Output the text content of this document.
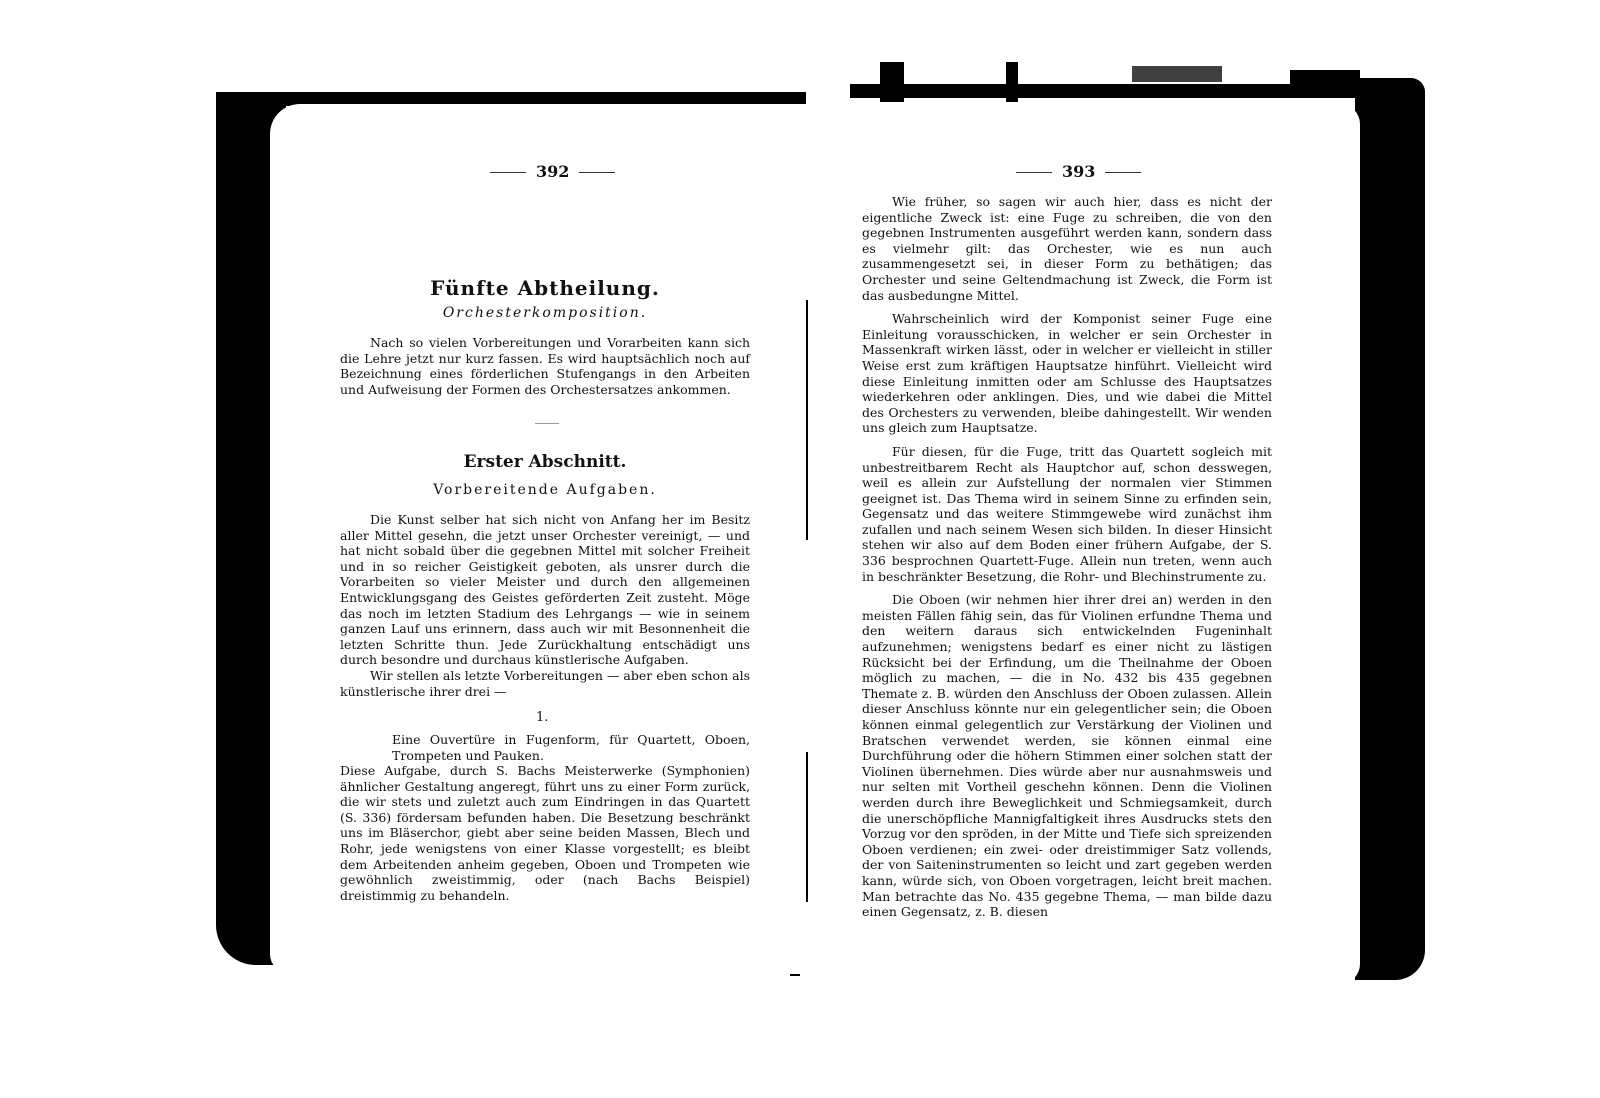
392
Fünfte Abtheilung.
Orchesterkomposition.

Nach so vielen Vorbereitungen und Vorarbeiten kann sich die Lehre jetzt nur kurz fassen. Es wird hauptsächlich noch auf Bezeichnung eines förderlichen Stufengangs in den Arbeiten und Aufweisung der Formen des Orchestersatzes ankommen.

Erster Abschnitt.
Vorbereitende Aufgaben.

Die Kunst selber hat sich nicht von Anfang her im Besitz aller Mittel gesehn, die jetzt unser Orchester vereinigt, — und hat nicht sobald über die gegebnen Mittel mit solcher Freiheit und in so reicher Geistigkeit geboten, als unsrer durch die Vorarbeiten so vieler Meister und durch den allgemeinen Entwicklungsgang des Geistes geförderten Zeit zusteht. Möge das noch im letzten Stadium des Lehrgangs — wie in seinem ganzen Lauf uns erinnern, dass auch wir mit Besonnenheit die letzten Schritte thun. Jede Zurückhaltung entschädigt uns durch besondre und durchaus künstlerische Aufgaben.

Wir stellen als letzte Vorbereitungen — aber eben schon als künstlerische ihrer drei —

1.

Eine Ouvertüre in Fugenform, für Quartett, Oboen, Trompeten und Pauken.

Diese Aufgabe, durch S. Bachs Meisterwerke (Symphonien) ähnlicher Gestaltung angeregt, führt uns zu einer Form zurück, die wir stets und zuletzt auch zum Eindringen in das Quartett (S. 336) fördersam befunden haben. Die Besetzung beschränkt uns im Bläserchor, giebt aber seine beiden Massen, Blech und Rohr, jede wenigstens von einer Klasse vorgestellt; es bleibt dem Arbeitenden anheim gegeben, Oboen und Trompeten wie gewöhnlich zweistimmig, oder (nach Bachs Beispiel) dreistimmig zu behandeln.

393

Wie früher, so sagen wir auch hier, dass es nicht der eigentliche Zweck ist: eine Fuge zu schreiben, die von den gegebnen Instrumenten ausgeführt werden kann, sondern dass es vielmehr gilt: das Orchester, wie es nun auch zusammengesetzt sei, in dieser Form zu bethätigen; das Orchester und seine Geltendmachung ist Zweck, die Form ist das ausbedungne Mittel.

Wahrscheinlich wird der Komponist seiner Fuge eine Einleitung vorausschicken, in welcher er sein Orchester in Massenkraft wirken lässt, oder in welcher er vielleicht in stiller Weise erst zum kräftigen Hauptsatze hinführt. Vielleicht wird diese Einleitung inmitten oder am Schlusse des Hauptsatzes wiederkehren oder anklingen. Dies, und wie dabei die Mittel des Orchesters zu verwenden, bleibe dahingestellt. Wir wenden uns gleich zum Hauptsatze.

Für diesen, für die Fuge, tritt das Quartett sogleich mit unbestreitbarem Recht als Hauptchor auf, schon desswegen, weil es allein zur Aufstellung der normalen vier Stimmen geeignet ist. Das Thema wird in seinem Sinne zu erfinden sein, Gegensatz und das weitere Stimmgewebe wird zunächst ihm zufallen und nach seinem Wesen sich bilden. In dieser Hinsicht stehen wir also auf dem Boden einer frühern Aufgabe, der S. 336 besprochnen Quartett-Fuge. Allein nun treten, wenn auch in beschränkter Besetzung, die Rohr- und Blechinstrumente zu.

Die Oboen (wir nehmen hier ihrer drei an) werden in den meisten Fällen fähig sein, das für Violinen erfundne Thema und den weitern daraus sich entwickelnden Fugeninhalt aufzunehmen; wenigstens bedarf es einer nicht zu lästigen Rücksicht bei der Erfindung, um die Theilnahme der Oboen möglich zu machen, — die in No. 432 bis 435 gegebnen Themate z. B. würden den Anschluss der Oboen zulassen. Allein dieser Anschluss könnte nur ein gelegentlicher sein; die Oboen können einmal gelegentlich zur Verstärkung der Violinen und Bratschen verwendet werden, sie können einmal eine Durchführung oder die höhern Stimmen einer solchen statt der Violinen übernehmen. Dies würde aber nur ausnahmsweis und nur selten mit Vortheil geschehn können. Denn die Violinen werden durch ihre Beweglichkeit und Schmiegsamkeit, durch die unerschöpfliche Mannigfaltigkeit ihres Ausdrucks stets den Vorzug vor den spröden, in der Mitte und Tiefe sich spreizenden Oboen verdienen; ein zwei- oder dreistimmiger Satz vollends, der von Saiteninstrumenten so leicht und zart gegeben werden kann, würde sich, von Oboen vorgetragen, leicht breit machen. Man betrachte das No. 435 gegebne Thema, — man bilde dazu einen Gegensatz, z. B. diesen
